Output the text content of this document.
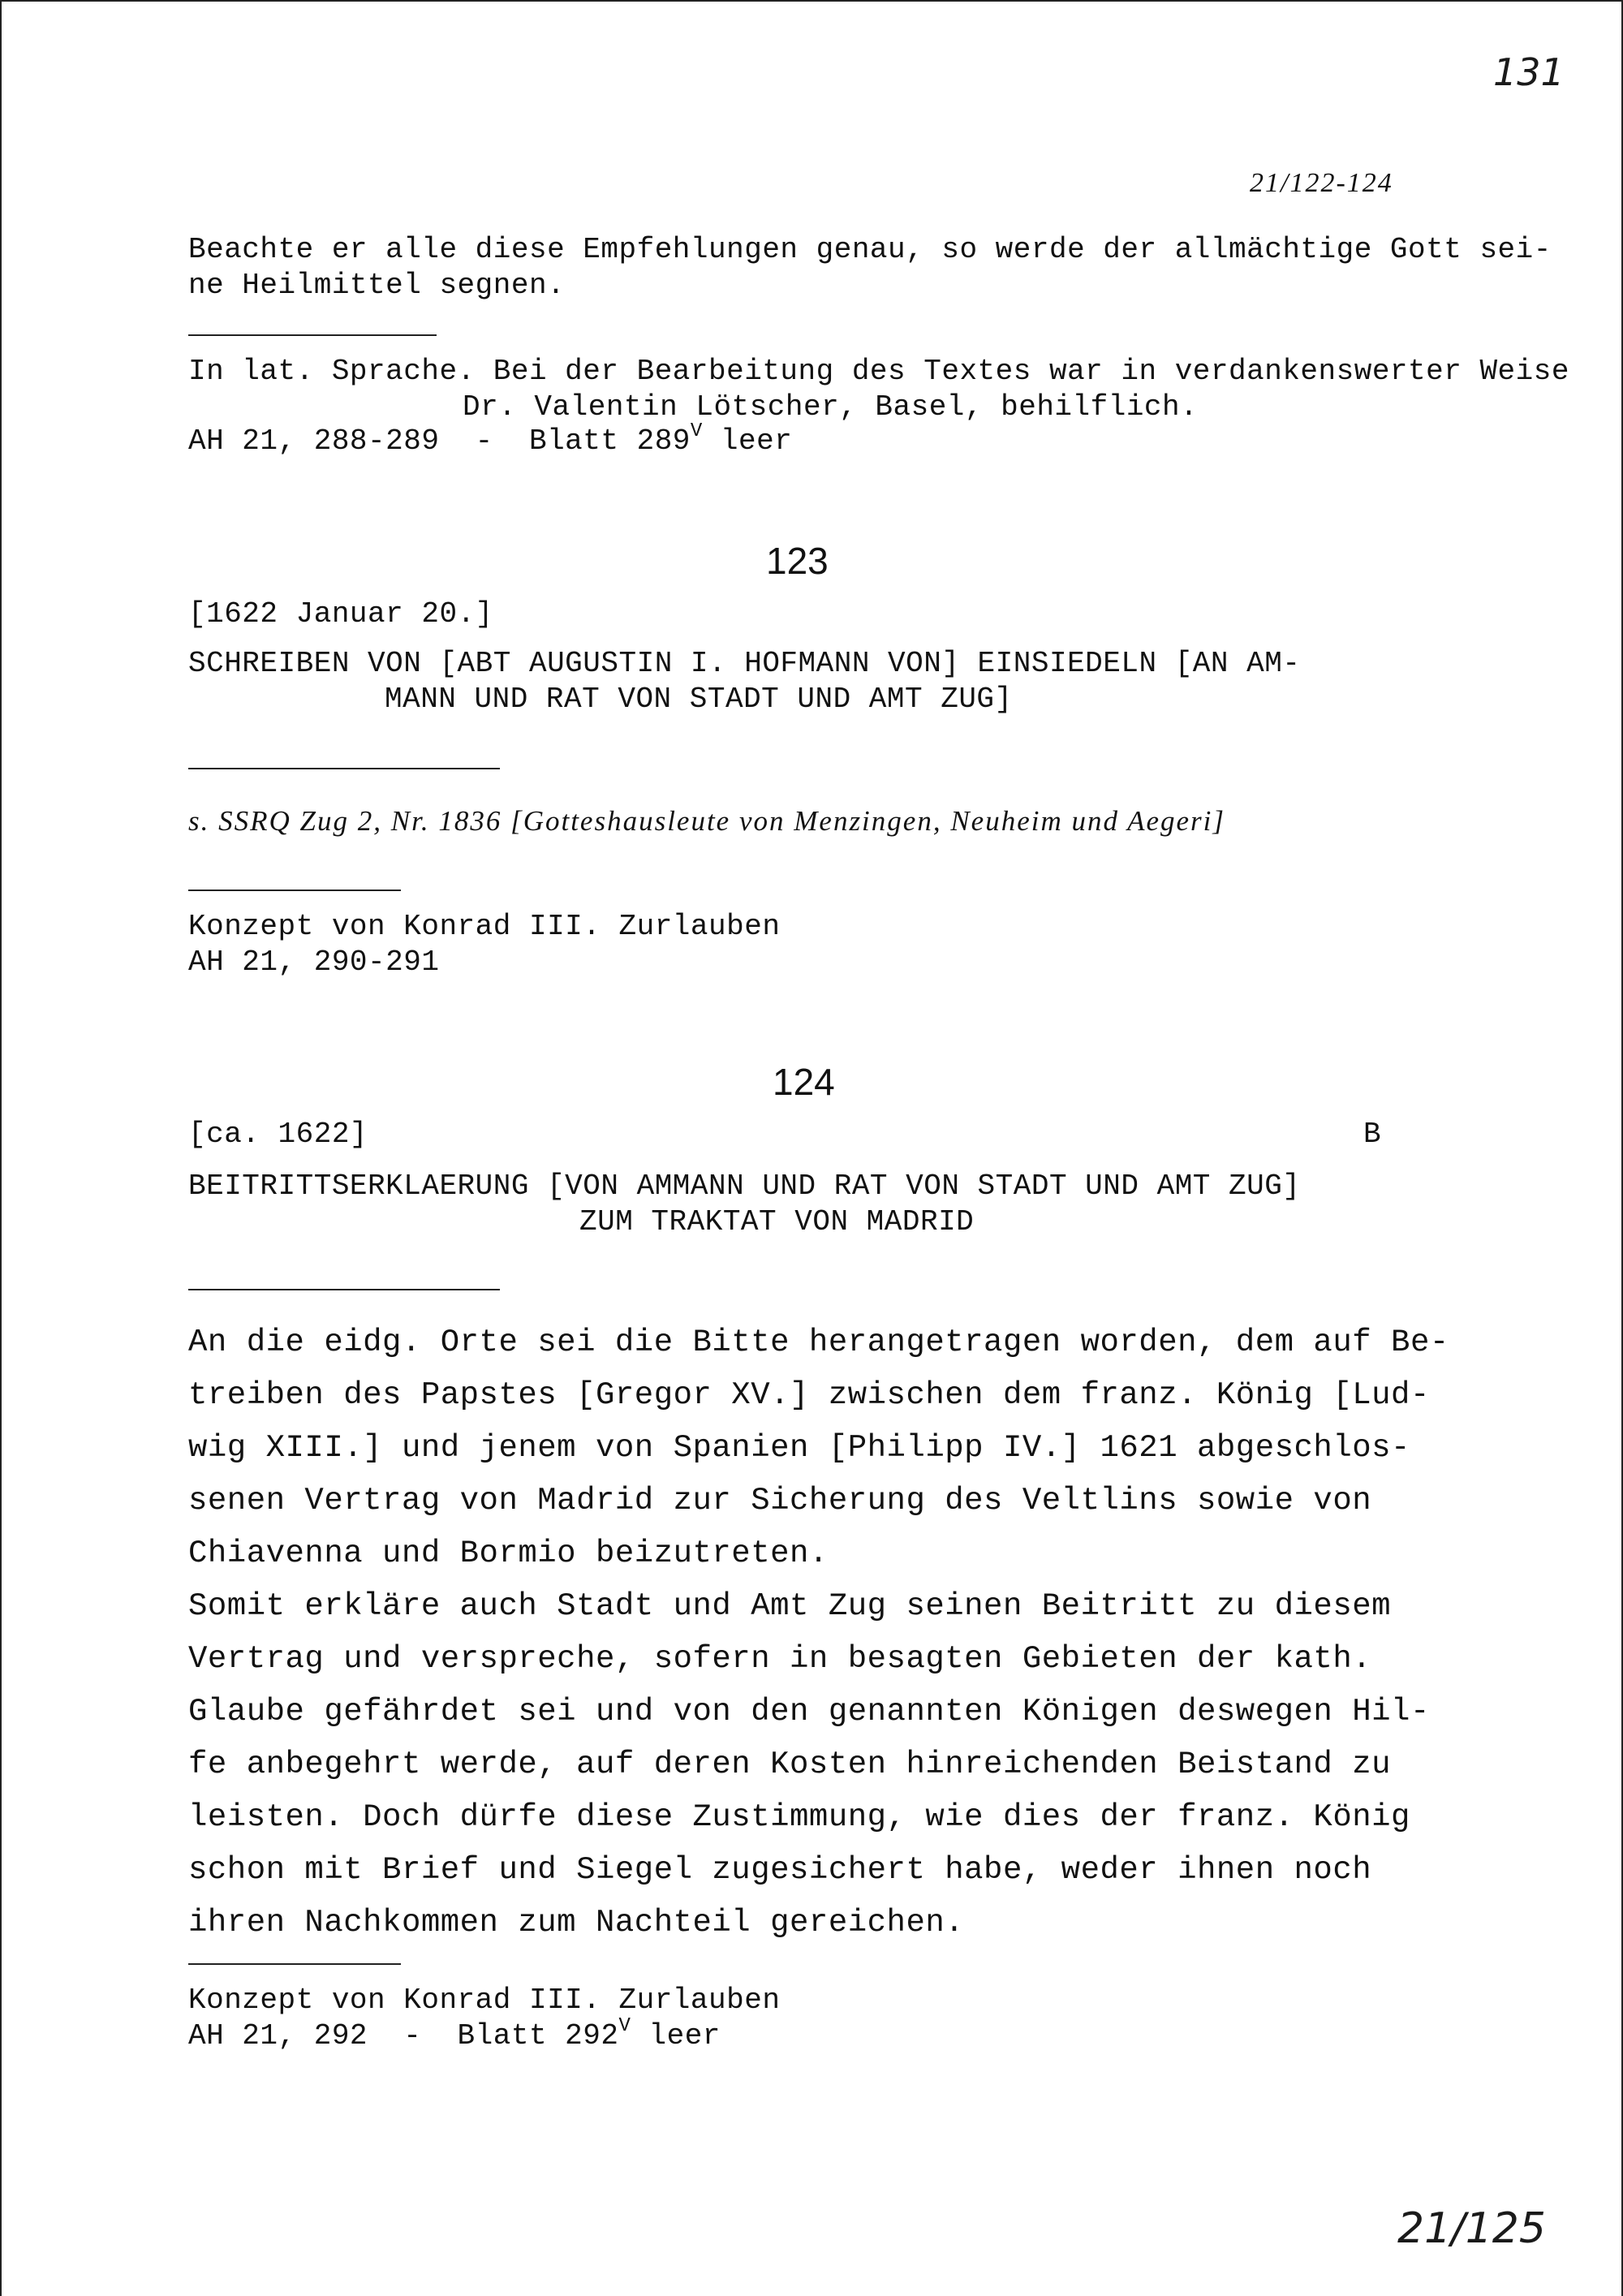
131
21/122-124
Beachte er alle diese Empfehlungen genau, so werde der allmächtige Gott sei-
ne Heilmittel segnen.
In lat. Sprache. Bei der Bearbeitung des Textes war in verdankenswerter Weise
Dr. Valentin Lötscher, Basel, behilflich.
AH 21, 288-289  -  Blatt $289^V$ leer
123
[1622 Januar 20.]
SCHREIBEN VON [ABT AUGUSTIN I. HOFMANN VON] EINSIEDELN [AN AM-
MANN UND RAT VON STADT UND AMT ZUG]
s. SSRQ Zug 2, Nr. 1836 [Gotteshausleute von Menzingen, Neuheim und Aegeri]
Konzept von Konrad III. Zurlauben
AH 21, 290-291
124
[ca. 1622]	B
BEITRITTSERKLAERUNG [VON AMMANN UND RAT VON STADT UND AMT ZUG]
ZUM TRAKTAT VON MADRID
An die eidg. Orte sei die Bitte herangetragen worden, dem auf Be-
treiben des Papstes [Gregor XV.] zwischen dem franz. König [Lud-
wig XIII.] und jenem von Spanien [Philipp IV.] 1621 abgeschlos-
senen Vertrag von Madrid zur Sicherung des Veltlins sowie von
Chiavenna und Bormio beizutreten.
Somit erkläre auch Stadt und Amt Zug seinen Beitritt zu diesem
Vertrag und verspreche, sofern in besagten Gebieten der kath.
Glaube gefährdet sei und von den genannten Königen deswegen Hil-
fe anbegehrt werde, auf deren Kosten hinreichenden Beistand zu
leisten. Doch dürfe diese Zustimmung, wie dies der franz. König
schon mit Brief und Siegel zugesichert habe, weder ihnen noch
ihren Nachkommen zum Nachteil gereichen.
Konzept von Konrad III. Zurlauben
AH 21, 292  -  Blatt $292^V$ leer
21/125
